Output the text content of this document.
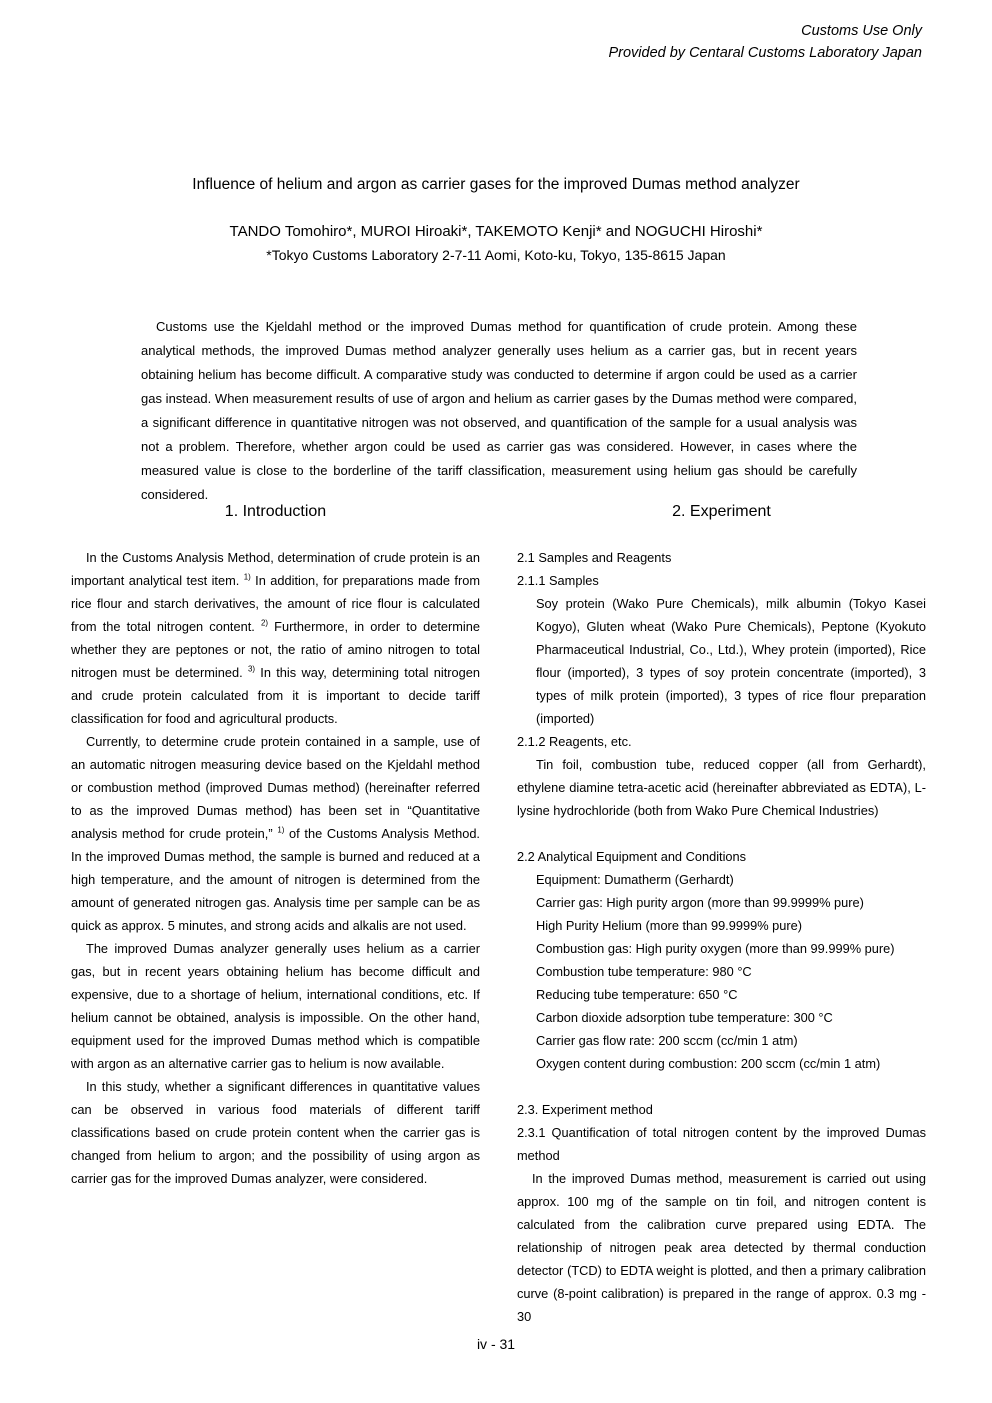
Customs Use Only
Provided by Centaral Customs Laboratory Japan
Influence of helium and argon as carrier gases for the improved Dumas method analyzer
TANDO Tomohiro*, MUROI Hiroaki*, TAKEMOTO Kenji* and NOGUCHI Hiroshi*
*Tokyo Customs Laboratory 2-7-11 Aomi, Koto-ku, Tokyo, 135-8615 Japan
Customs use the Kjeldahl method or the improved Dumas method for quantification of crude protein. Among these analytical methods, the improved Dumas method analyzer generally uses helium as a carrier gas, but in recent years obtaining helium has become difficult. A comparative study was conducted to determine if argon could be used as a carrier gas instead. When measurement results of use of argon and helium as carrier gases by the Dumas method were compared, a significant difference in quantitative nitrogen was not observed, and quantification of the sample for a usual analysis was not a problem. Therefore, whether argon could be used as carrier gas was considered. However, in cases where the measured value is close to the borderline of the tariff classification, measurement using helium gas should be carefully considered.
1. Introduction

In the Customs Analysis Method, determination of crude protein is an important analytical test item. $^{1)}$ In addition, for preparations made from rice flour and starch derivatives, the amount of rice flour is calculated from the total nitrogen content. $^{2)}$ Furthermore, in order to determine whether they are peptones or not, the ratio of amino nitrogen to total nitrogen must be determined. $^{3)}$ In this way, determining total nitrogen and crude protein calculated from it is important to decide tariff classification for food and agricultural products.

Currently, to determine crude protein contained in a sample, use of an automatic nitrogen measuring device based on the Kjeldahl method or combustion method (improved Dumas method) (hereinafter referred to as the improved Dumas method) has been set in “Quantitative analysis method for crude protein,” $^{1)}$ of the Customs Analysis Method. In the improved Dumas method, the sample is burned and reduced at a high temperature, and the amount of nitrogen is determined from the amount of generated nitrogen gas. Analysis time per sample can be as quick as approx. 5 minutes, and strong acids and alkalis are not used.

The improved Dumas analyzer generally uses helium as a carrier gas, but in recent years obtaining helium has become difficult and expensive, due to a shortage of helium, international conditions, etc. If helium cannot be obtained, analysis is impossible. On the other hand, equipment used for the improved Dumas method which is compatible with argon as an alternative carrier gas to helium is now available.

In this study, whether a significant differences in quantitative values can be observed in various food materials of different tariff classifications based on crude protein content when the carrier gas is changed from helium to argon; and the possibility of using argon as carrier gas for the improved Dumas analyzer, were considered.

2. Experiment

2.1 Samples and Reagents

2.1.1 Samples

Soy protein (Wako Pure Chemicals), milk albumin (Tokyo Kasei Kogyo), Gluten wheat (Wako Pure Chemicals), Peptone (Kyokuto Pharmaceutical Industrial, Co., Ltd.), Whey protein (imported), Rice flour (imported), 3 types of soy protein concentrate (imported), 3 types of milk protein (imported), 3 types of rice flour preparation (imported)

2.1.2 Reagents, etc.

Tin foil, combustion tube, reduced copper (all from Gerhardt), ethylene diamine tetra-acetic acid (hereinafter abbreviated as EDTA), L-lysine hydrochloride (both from Wako Pure Chemical Industries)

2.2 Analytical Equipment and Conditions

Equipment: Dumatherm (Gerhardt)
Carrier gas: High purity argon (more than 99.9999% pure)
High Purity Helium (more than 99.9999% pure)
Combustion gas: High purity oxygen (more than 99.999% pure)
Combustion tube temperature: 980 °C
Reducing tube temperature: 650 °C
Carbon dioxide adsorption tube temperature: 300 °C
Carrier gas flow rate: 200 sccm (cc/min 1 atm)
Oxygen content during combustion: 200 sccm (cc/min 1 atm)

2.3. Experiment method

2.3.1 Quantification of total nitrogen content by the improved Dumas method

In the improved Dumas method, measurement is carried out using approx. 100 mg of the sample on tin foil, and nitrogen content is calculated from the calibration curve prepared using EDTA. The relationship of nitrogen peak area detected by thermal conduction detector (TCD) to EDTA weight is plotted, and then a primary calibration curve (8-point calibration) is prepared in the range of approx. 0.3 mg - 30

iv - 31
